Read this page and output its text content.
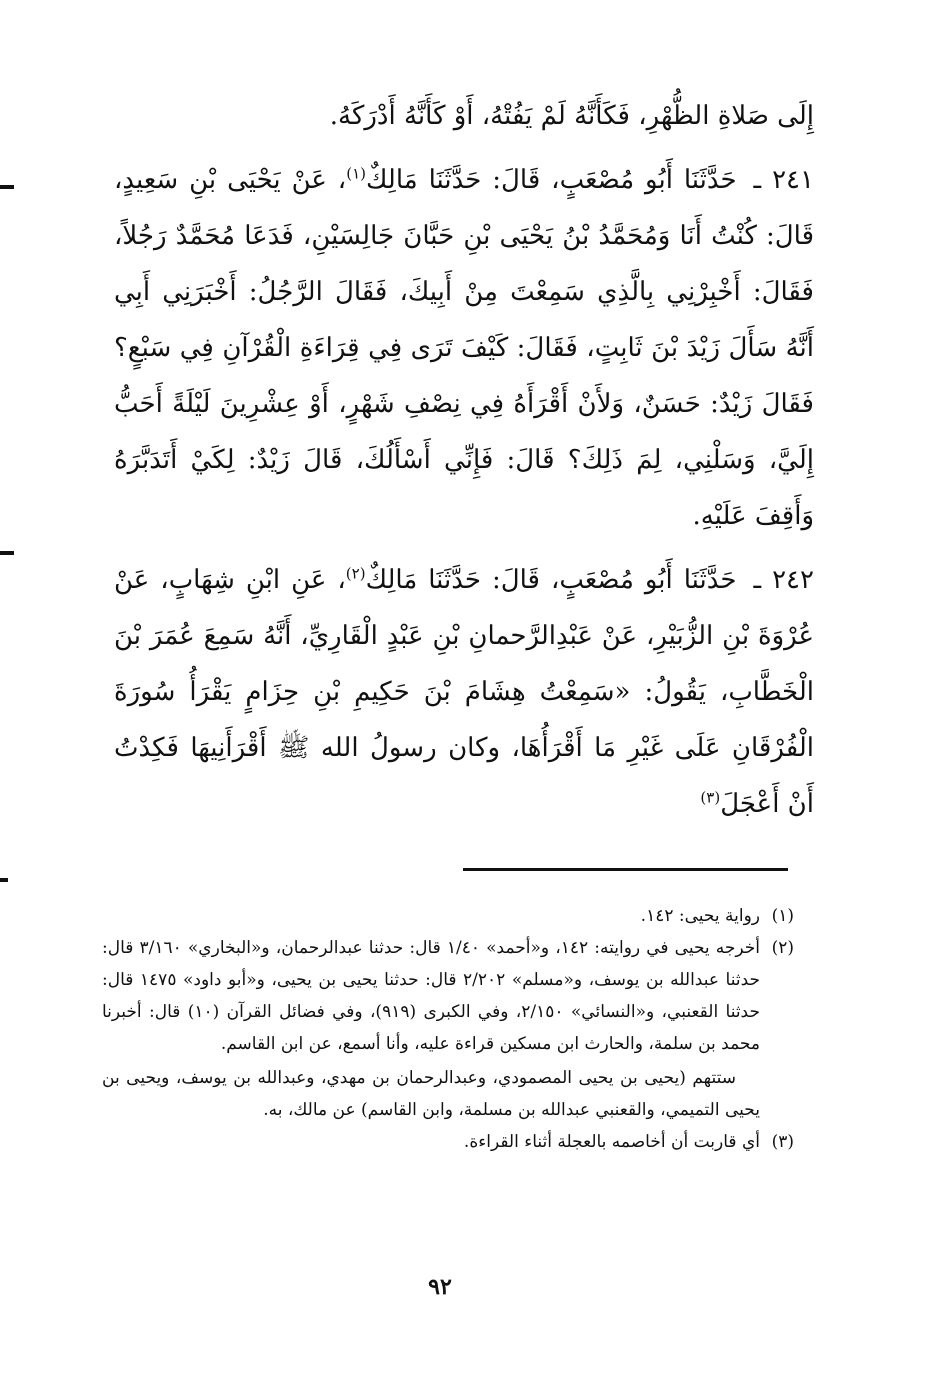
إِلَى صَلاةِ الظُّهْرِ، فَكَأَنَّهُ لَمْ يَفُتْهُ، أَوْ كَأَنَّهُ أَدْرَكَهُ.

٢٤١ ـ حَدَّثَنَا أَبُو مُصْعَبٍ، قَالَ: حَدَّثَنَا مَالِكٌ$^{(١)}$، عَنْ يَحْيَى بْنِ سَعِيدٍ، قَالَ: كُنْتُ أَنَا وَمُحَمَّدُ بْنُ يَحْيَى بْنِ حَبَّانَ جَالِسَيْنِ، فَدَعَا مُحَمَّدٌ رَجُلاً، فَقَالَ: أَخْبِرْنِي بِالَّذِي سَمِعْتَ مِنْ أَبِيكَ، فَقَالَ الرَّجُلُ: أَخْبَرَنِي أَبِي أَنَّهُ سَأَلَ زَيْدَ بْنَ ثَابِتٍ، فَقَالَ: كَيْفَ تَرَى فِي قِرَاءَةِ الْقُرْآنِ فِي سَبْعٍ؟ فَقَالَ زَيْدٌ: حَسَنٌ، وَلأَنْ أَقْرَأَهُ فِي نِصْفِ شَهْرٍ، أَوْ عِشْرِينَ لَيْلَةً أَحَبُّ إِلَيَّ، وَسَلْنِي، لِمَ ذَلِكَ؟ قَالَ: فَإِنِّي أَسْأَلُكَ، قَالَ زَيْدٌ: لِكَيْ أَتَدَبَّرَهُ وَأَقِفَ عَلَيْهِ.

٢٤٢ ـ حَدَّثَنَا أَبُو مُصْعَبٍ، قَالَ: حَدَّثَنَا مَالِكٌ$^{(٢)}$، عَنِ ابْنِ شِهَابٍ، عَنْ عُرْوَةَ بْنِ الزُّبَيْرِ، عَنْ عَبْدِالرَّحمانِ بْنِ عَبْدٍ الْقَارِيِّ، أَنَّهُ سَمِعَ عُمَرَ بْنَ الْخَطَّابِ، يَقُولُ: «سَمِعْتُ هِشَامَ بْنَ حَكِيمِ بْنِ حِزَامٍ يَقْرَأُ سُورَةَ الْفُرْقَانِ عَلَى غَيْرِ مَا أَقْرَأُهَا، وكان رسولُ الله ﷺ أَقْرَأَنِيهَا فَكِدْتُ أَنْ أَعْجَلَ$^{(٣)}$

(١)

رواية يحيى: ١٤٢.

(٢)

أخرجه يحيى في روايته: ١٤٢، و«أحمد» ١/٤٠ قال: حدثنا عبدالرحمان، و«البخاري» ٣/١٦٠ قال: حدثنا عبدالله بن يوسف، و«مسلم» ٢/٢٠٢ قال: حدثنا يحيى بن يحيى، و«أبو داود» ١٤٧٥ قال: حدثنا القعنبي، و«النسائي» ٢/١٥٠، وفي الكبرى (٩١٩)، وفي فضائل القرآن (١٠) قال: أخبرنا محمد بن سلمة، والحارث ابن مسكين قراءة عليه، وأنا أسمع، عن ابن القاسم.

ستتهم (يحيى بن يحيى المصمودي، وعبدالرحمان بن مهدي، وعبدالله بن يوسف، ويحيى بن يحيى التميمي، والقعنبي عبدالله بن مسلمة، وابن القاسم) عن مالك، به.

(٣)

أي قاربت أن أخاصمه بالعجلة أثناء القراءة.

٩٢
